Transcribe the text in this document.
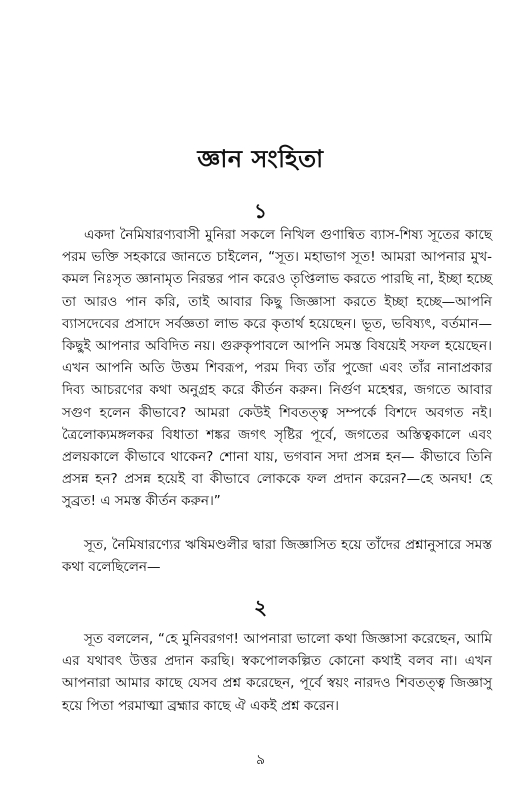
জ্ঞান সংহিতা
১

একদা নৈমিষারণ্যবাসী মুনিরা সকলে নিখিল গুণান্বিত ব্যাস-শিষ্য সূতের কাছে পরম ভক্তি সহকারে জানতে চাইলেন, “সূত। মহাভাগ সূত! আমরা আপনার মুখ-কমল নিঃসৃত জ্ঞানামৃত নিরন্তর পান করেও তৃপ্তিলাভ করতে পারছি না, ইচ্ছা হচ্ছে তা আরও পান করি, তাই আবার কিছু জিজ্ঞাসা করতে ইচ্ছা হচ্ছে—আপনি ব্যাসদেবের প্রসাদে সর্বজ্ঞতা লাভ করে কৃতার্থ হয়েছেন। ভূত, ভবিষ্যৎ, বর্তমান—কিছুই আপনার অবিদিত নয়। গুরুকৃপাবলে আপনি সমস্ত বিষয়েই সফল হয়েছেন। এখন আপনি অতি উত্তম শিবরূপ, পরম দিব্য তাঁর পুজো এবং তাঁর নানাপ্রকার দিব্য আচরণের কথা অনুগ্রহ করে কীর্তন করুন। নির্গুণ মহেশ্বর, জগতে আবার সগুণ হলেন কীভাবে? আমরা কেউই শিবতত্ত্ব সম্পর্কে বিশদে অবগত নই। ত্রৈলোক্যমঙ্গলকর বিধাতা শঙ্কর জগৎ সৃষ্টির পূর্বে, জগতের অস্তিত্বকালে এবং প্রলয়কালে কীভাবে থাকেন? শোনা যায়, ভগবান সদা প্রসন্ন হন— কীভাবে তিনি প্রসন্ন হন? প্রসন্ন হয়েই বা কীভাবে লোককে ফল প্রদান করেন?—হে অনঘ! হে সুব্রত! এ সমস্ত কীর্তন করুন।”

সূত, নৈমিষারণ্যের ঋষিমণ্ডলীর দ্বারা জিজ্ঞাসিত হয়ে তাঁদের প্রশ্নানুসারে সমস্ত কথা বলেছিলেন—

২

সূত বললেন, “হে মুনিবরগণ! আপনারা ভালো কথা জিজ্ঞাসা করেছেন, আমি এর যথাবৎ উত্তর প্রদান করছি। স্বকপোলকল্পিত কোনো কথাই বলব না। এখন আপনারা আমার কাছে যেসব প্রশ্ন করেছেন, পূর্বে স্বয়ং নারদও শিবতত্ত্ব জিজ্ঞাসু হয়ে পিতা পরমাত্মা ব্রহ্মার কাছে ঐ একই প্রশ্ন করেন।

৯
